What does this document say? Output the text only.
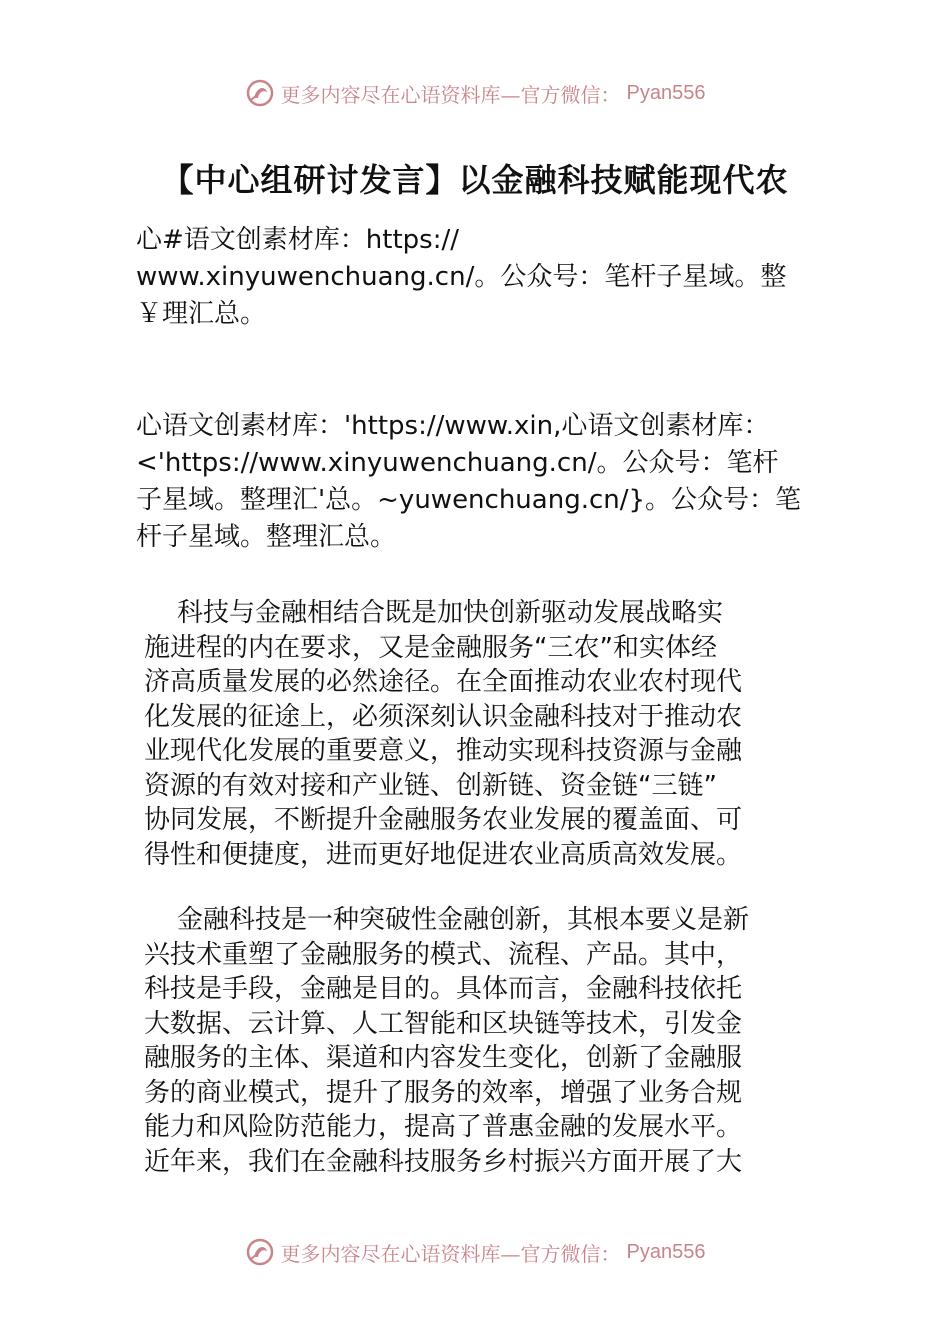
更多内容尽在心语资料库—官方微信： Pyan556
【中心组研讨发言】以金融科技赋能现代农
心#语文创素材库：https://
www.xinyuwenchuang.cn/。公众号：笔杆子星域。整
￥理汇总。
心语文创素材库：'https://www.xin,心语文创素材库：
<'https://www.xinyuwenchuang.cn/。公众号：笔杆
子星域。整理汇'总。~yuwenchuang.cn/}。公众号：笔
杆子星域。整理汇总。
科技与金融相结合既是加快创新驱动发展战略实
施进程的内在要求，又是金融服务“三农”和实体经
济高质量发展的必然途径。在全面推动农业农村现代
化发展的征途上，必须深刻认识金融科技对于推动农
业现代化发展的重要意义，推动实现科技资源与金融
资源的有效对接和产业链、创新链、资金链“三链”
协同发展，不断提升金融服务农业发展的覆盖面、可
得性和便捷度，进而更好地促进农业高质高效发展。
金融科技是一种突破性金融创新，其根本要义是新
兴技术重塑了金融服务的模式、流程、产品。其中，
科技是手段，金融是目的。具体而言，金融科技依托
大数据、云计算、人工智能和区块链等技术，引发金
融服务的主体、渠道和内容发生变化，创新了金融服
务的商业模式，提升了服务的效率，增强了业务合规
能力和风险防范能力，提高了普惠金融的发展水平。
近年来，我们在金融科技服务乡村振兴方面开展了大
更多内容尽在心语资料库—官方微信： Pyan556
